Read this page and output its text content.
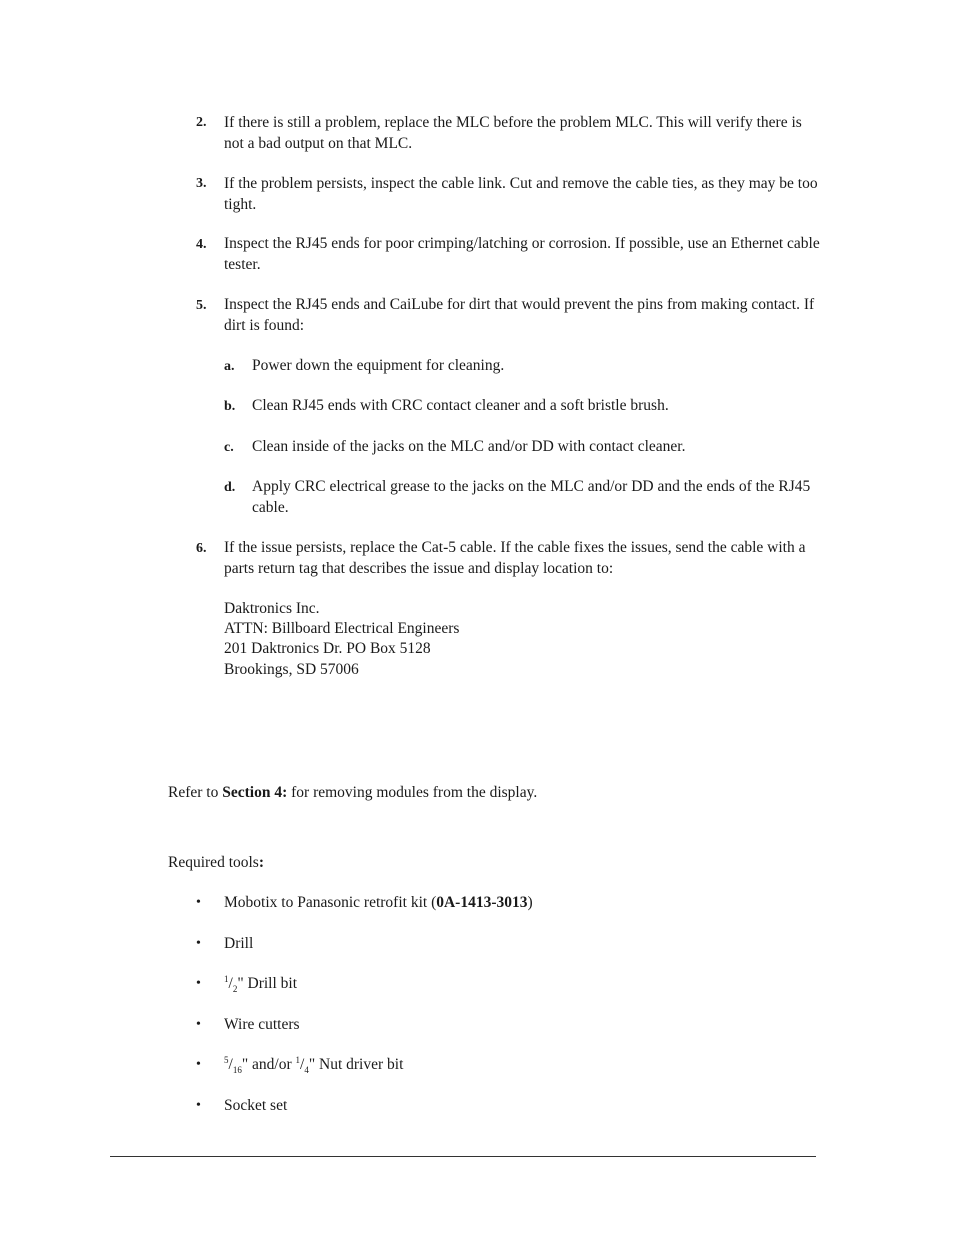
2. If there is still a problem, replace the MLC before the problem MLC. This will verify there is not a bad output on that MLC.
3. If the problem persists, inspect the cable link. Cut and remove the cable ties, as they may be too tight.
4. Inspect the RJ45 ends for poor crimping/latching or corrosion. If possible, use an Ethernet cable tester.
5. Inspect the RJ45 ends and CaiLube for dirt that would prevent the pins from making contact. If dirt is found:
a. Power down the equipment for cleaning.
b. Clean RJ45 ends with CRC contact cleaner and a soft bristle brush.
c. Clean inside of the jacks on the MLC and/or DD with contact cleaner.
d. Apply CRC electrical grease to the jacks on the MLC and/or DD and the ends of the RJ45 cable.
6. If the issue persists, replace the Cat-5 cable. If the cable fixes the issues, send the cable with a parts return tag that describes the issue and display location to:
Daktronics Inc.
ATTN: Billboard Electrical Engineers
201 Daktronics Dr. PO Box 5128
Brookings, SD 57006
Refer to Section 4: for removing modules from the display.
Required tools:
• Mobotix to Panasonic retrofit kit (0A-1413-3013)
• Drill
•	$^1/_2$" Drill bit
• Wire cutters
•	$^5/_{16}$" and/or $^1/_4$" Nut driver bit
• Socket set
